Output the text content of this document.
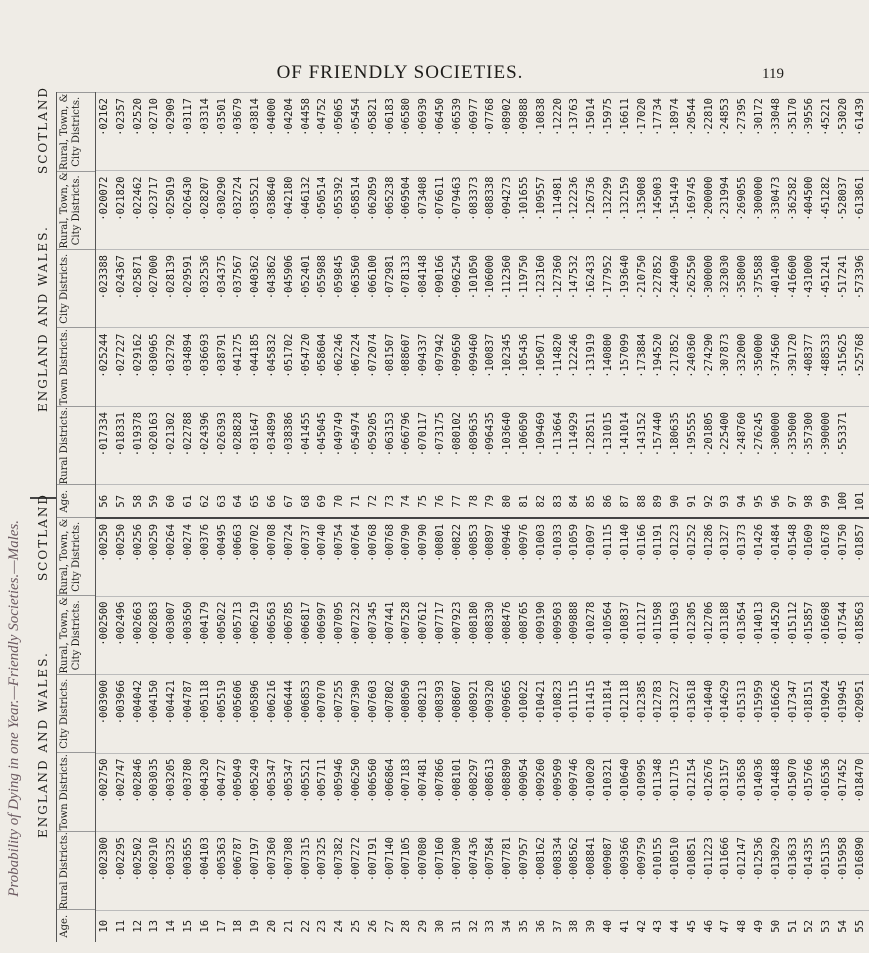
OF FRIENDLY SOCIETIES.	119
Probability of Dying in one Year.—Friendly Societies.—Males.	ENGLAND AND WALES.
SCOTLAND
ENGLAND AND WALES.
SCOTLAND
Age.
Rural Districts.
Town Districts.
City Districts.
Rural, Town, & City Districts.
Rural, Town, & City Districts.
Age.
Rural Districts.
Town Districts.
City Districts.
Rural, Town, & City Districts.
Rural, Town, & City Districts.
10
·002300
·002750
·003900
·002500
·00250
56
·017334
·025244
·023388
·020072
·02162
11
·002295
·002747
·003966
·002496
·00250
57
·018331
·027227
·024367
·021820
·02357
12
·002502
·002846
·004042
·002663
·00256
58
·019378
·029162
·025871
·022462
·02520
13
·002910
·003035
·004150
·002863
·00259
59
·020163
·030965
·027000
·023717
·02710
14
·003325
·003205
·004421
·003007
·00264
60
·021302
·032792
·028139
·025019
·02909
15
·003655
·003780
·004787
·003650
·00274
61
·022788
·034894
·029591
·026430
·03117
16
·004103
·004320
·005118
·004179
·00376
62
·024396
·036693
·032536
·028207
·03314
17
·005363
·004727
·005519
·005022
·00495
63
·026393
·038791
·034375
·030290
·03501
18
·006787
·005049
·005606
·005713
·00663
64
·028828
·041275
·037567
·032724
·03679
19
·007197
·005249
·005896
·006219
·00702
65
·031647
·044185
·040362
·035521
·03814
20
·007360
·005347
·006216
·006563
·00708
66
·034899
·045832
·043862
·038640
·04000
21
·007308
·005347
·006444
·006785
·00724
67
·038386
·051702
·045906
·042180
·04204
22
·007315
·005521
·006853
·006817
·00737
68
·041455
·054720
·052401
·046132
·04458
23
·007325
·005711
·007070
·006997
·00740
69
·045045
·058604
·055988
·050514
·04752
24
·007382
·005946
·007255
·007095
·00754
70
·049749
·062246
·059845
·055392
·05065
25
·007272
·006250
·007390
·007232
·00764
71
·054974
·067224
·063560
·058514
·05454
26
·007191
·006560
·007603
·007345
·00768
72
·059205
·072074
·066100
·062059
·05821
27
·007140
·006864
·007802
·007441
·00768
73
·063153
·081507
·072981
·065238
·06183
28
·007105
·007183
·008050
·007528
·00790
74
·066796
·088607
·078133
·069504
·06580
29
·007080
·007481
·008213
·007612
·00790
75
·070117
·094337
·084148
·073408
·06939
30
·007160
·007866
·008393
·007717
·00801
76
·073175
·097942
·090166
·076611
·06450
31
·007300
·008101
·008607
·007923
·00822
77
·080102
·099650
·096254
·079463
·06539
32
·007436
·008297
·008921
·008180
·00853
78
·089635
·099460
·101050
·083373
·06977
33
·007584
·008613
·009320
·008330
·00897
79
·096435
·100837
·106000
·088338
·07768
34
·007781
·008890
·009665
·008476
·00946
80
·103640
·102345
·112360
·094273
·08902
35
·007957
·009054
·010022
·008765
·00976
81
·106050
·105436
·119750
·101655
·09888
36
·008162
·009260
·010421
·009190
·01003
82
·109469
·105071
·123160
·109557
·10838
37
·008334
·009509
·010823
·009503
·01033
83
·113664
·114820
·127360
·114981
·12220
38
·008562
·009746
·011115
·009888
·01059
84
·114929
·122246
·147532
·122236
·13763
39
·008841
·010020
·011415
·010278
·01097
85
·128511
·131919
·162433
·126736
·15014
40
·009087
·010321
·011814
·010564
·01115
86
·131015
·140800
·177952
·132299
·15975
41
·009366
·010640
·012118
·010837
·01140
87
·141014
·157099
·193640
·132159
·16611
42
·009759
·010995
·012385
·011217
·01166
88
·143152
·173884
·210750
·135008
·17020
43
·010155
·011348
·012783
·011598
·01191
89
·157440
·194520
·227852
·145003
·17734
44
·010510
·011715
·013227
·011963
·01223
90
·180635
·217852
·244090
·154149
·18974
45
·010851
·012154
·013618
·012305
·01252
91
·195555
·240360
·262550
·169745
·20544
46
·011223
·012676
·014040
·012706
·01286
92
·201805
·274290
·300000
·200000
·22810
47
·011666
·013157
·014629
·013188
·01327
93
·225400
·307873
·323030
·231994
·24853
48
·012147
·013658
·015313
·013654
·01373
94
·248760
·332000
·358000
·269055
·27395
49
·012536
·014036
·015959
·014013
·01426
95
·276245
·350000
·375588
·300000
·30172
50
·013029
·014488
·016626
·014520
·01484
96
·300000
·374560
·401400
·330473
·33048
51
·013633
·015070
·017347
·015112
·01548
97
·335000
·391720
·416600
·362582
·35170
52
·014335
·015766
·018151
·015857
·01609
98
·357300
·408377
·431000
·404500
·39556
53
·015135
·016536
·019024
·016698
·01678
99
·390000
·488533
·451241
·451282
·45221
54
·015958
·017452
·019945
·017544
·01750
100
·553371
·515625
·517241
·528037
·53020
55
·016890
·018470
·020951
·018563
·01857
101
·525768
·573396
·613861
·61439
